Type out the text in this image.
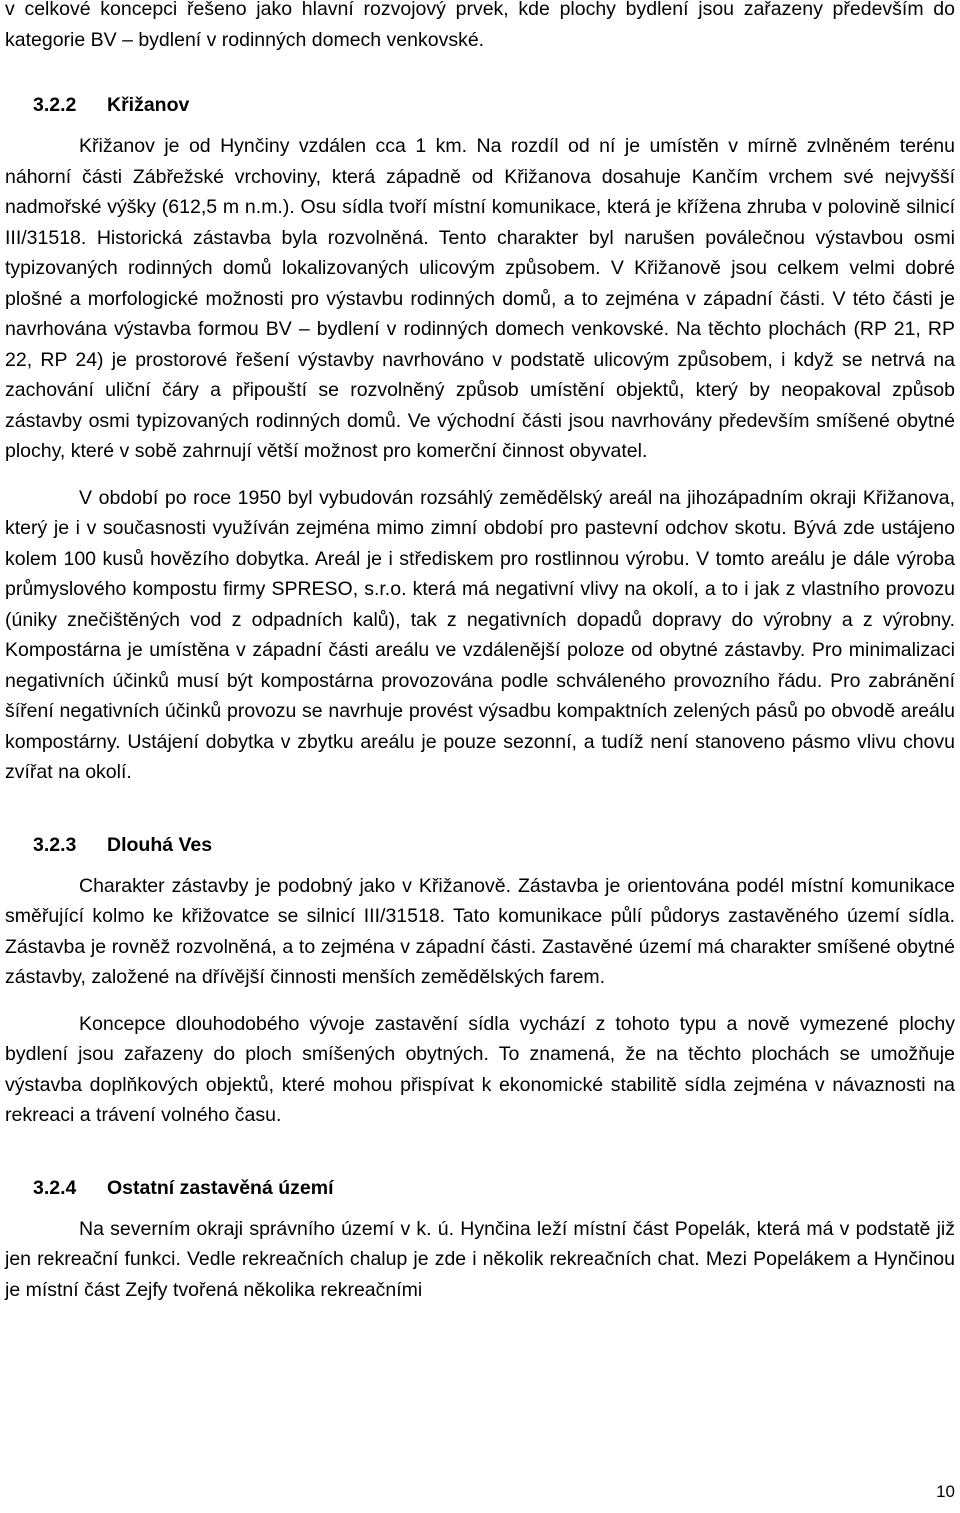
v celkové koncepci řešeno jako hlavní rozvojový prvek, kde plochy bydlení jsou zařazeny především do kategorie BV – bydlení v rodinných domech venkovské.

3.2.2 Křižanov

Křižanov je od Hynčiny vzdálen cca 1 km. Na rozdíl od ní je umístěn v mírně zvlněném terénu náhorní části Zábřežské vrchoviny, která západně od Křižanova dosahuje Kančím vrchem své nejvyšší nadmořské výšky (612,5 m n.m.). Osu sídla tvoří místní komunikace, která je křížena zhruba v polovině silnicí III/31518. Historická zástavba byla rozvolněná. Tento charakter byl narušen poválečnou výstavbou osmi typizovaných rodinných domů lokalizovaných ulicovým způsobem. V Křižanově jsou celkem velmi dobré plošné a morfologické možnosti pro výstavbu rodinných domů, a to zejména v západní části. V této části je navrhována výstavba formou BV – bydlení v rodinných domech venkovské. Na těchto plochách (RP 21, RP 22, RP 24) je prostorové řešení výstavby navrhováno v podstatě ulicovým způsobem, i když se netrvá na zachování uliční čáry a připouští se rozvolněný způsob umístění objektů, který by neopakoval způsob zástavby osmi typizovaných rodinných domů. Ve východní části jsou navrhovány především smíšené obytné plochy, které v sobě zahrnují větší možnost pro komerční činnost obyvatel.

V období po roce 1950 byl vybudován rozsáhlý zemědělský areál na jihozápadním okraji Křižanova, který je i v současnosti využíván zejména mimo zimní období pro pastevní odchov skotu. Bývá zde ustájeno kolem 100 kusů hovězího dobytka. Areál je i střediskem pro rostlinnou výrobu. V tomto areálu je dále výroba průmyslového kompostu firmy SPRESO, s.r.o. která má negativní vlivy na okolí, a to i jak z vlastního provozu (úniky znečištěných vod z odpadních kalů), tak z negativních dopadů dopravy do výrobny a z výrobny. Kompostárna je umístěna v západní části areálu ve vzdálenější poloze od obytné zástavby. Pro minimalizaci negativních účinků musí být kompostárna provozována podle schváleného provozního řádu. Pro zabránění šíření negativních účinků provozu se navrhuje provést výsadbu kompaktních zelených pásů po obvodě areálu kompostárny. Ustájení dobytka v zbytku areálu je pouze sezonní, a tudíž není stanoveno pásmo vlivu chovu zvířat na okolí.

3.2.3 Dlouhá Ves

Charakter zástavby je podobný jako v Křižanově. Zástavba je orientována podél místní komunikace směřující kolmo ke křižovatce se silnicí III/31518. Tato komunikace půlí půdorys zastavěného území sídla. Zástavba je rovněž rozvolněná, a to zejména v západní části. Zastavěné území má charakter smíšené obytné zástavby, založené na dřívější činnosti menších zemědělských farem.

Koncepce dlouhodobého vývoje zastavění sídla vychází z tohoto typu a nově vymezené plochy bydlení jsou zařazeny do ploch smíšených obytných. To znamená, že na těchto plochách se umožňuje výstavba doplňkových objektů, které mohou přispívat k ekonomické stabilitě sídla zejména v návaznosti na rekreaci a trávení volného času.

3.2.4 Ostatní zastavěná území

Na severním okraji správního území v k. ú. Hynčina leží místní část Popelák, která má v podstatě již jen rekreační funkci. Vedle rekreačních chalup je zde i několik rekreačních chat. Mezi Popelákem a Hynčinou je místní část Zejfy tvořená několika rekreačními

10
